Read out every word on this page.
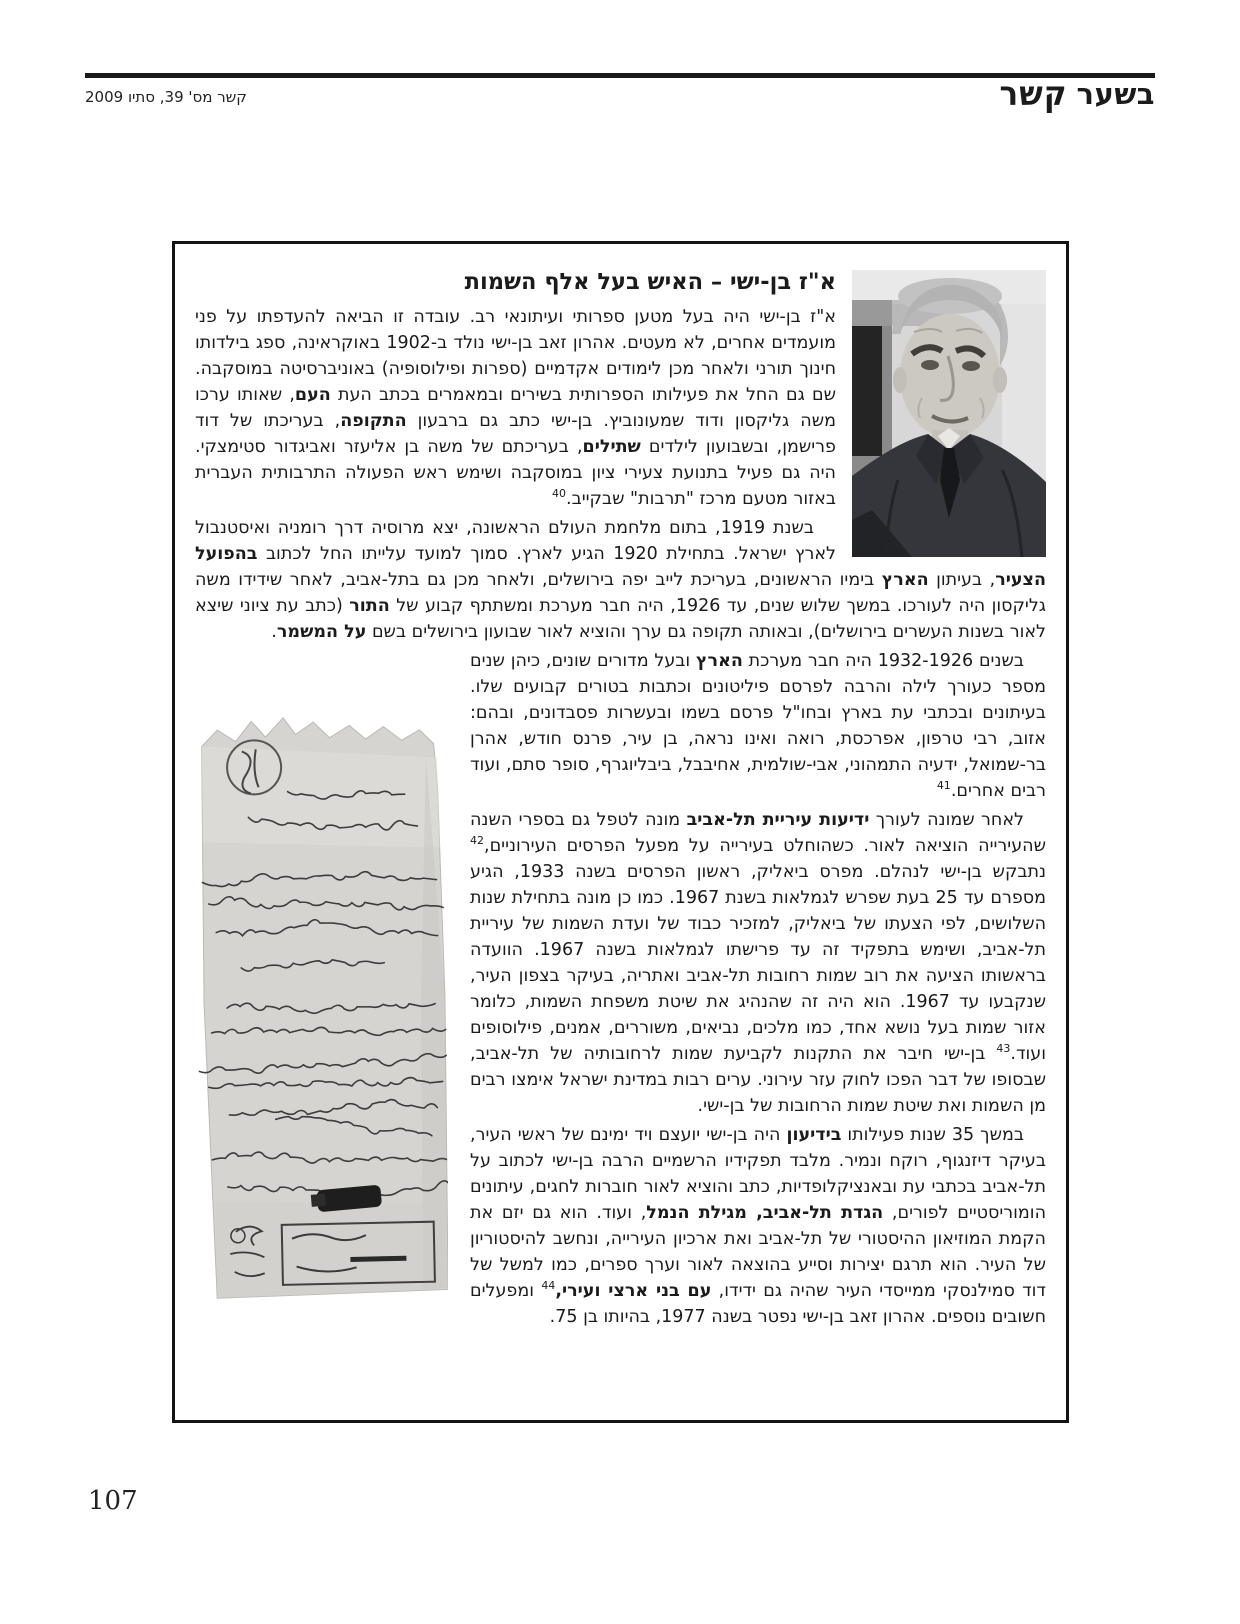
קשר מס' 39, סתיו 2009	בשער
קשר
א"ז בן-ישי – האיש בעל אלף השמות

א"ז בן-ישי היה בעל מטען ספרותי ועיתונאי רב. עובדה זו הביאה להעדפתו על פני מועמדים אחרים, לא מעטים. אהרון זאב בן-ישי נולד ב-1902 באוקראינה, ספג בילדותו חינוך תורני ולאחר מכן לימודים אקדמיים (ספרות ופילוסופיה) באוניברסיטה במוסקבה. שם גם החל את פעילותו הספרותית בשירים ובמאמרים בכתב העת העם, שאותו ערכו משה גליקסון ודוד שמעונוביץ. בן-ישי כתב גם ברבעון התקופה, בעריכתו של דוד פרישמן, ובשבועון לילדים שתילים, בעריכתם של משה בן אליעזר ואביגדור סטימצקי. היה גם פעיל בתנועת צעירי ציון במוסקבה ושימש ראש הפעולה התרבותית העברית באזור מטעם מרכז "תרבות" שבקייב.$^{40}$

בשנת 1919, בתום מלחמת העולם הראשונה, יצא מרוסיה דרך רומניה ואיסטנבול לארץ ישראל. בתחילת 1920 הגיע לארץ. סמוך למועד עלייתו החל לכתוב בהפועל הצעיר, בעיתון הארץ בימיו הראשונים, בעריכת לייב יפה בירושלים, ולאחר מכן גם בתל-אביב, לאחר שידידו משה גליקסון היה לעורכו. במשך שלוש שנים, עד 1926, היה חבר מערכת ומשתתף קבוע של התור (כתב עת ציוני שיצא לאור בשנות העשרים בירושלים), ובאותה תקופה גם ערך והוציא לאור שבועון בירושלים בשם על המשמר.

בשנים 1932-1926 היה חבר מערכת הארץ ובעל מדורים שונים, כיהן שנים מספר כעורך לילה והרבה לפרסם פיליטונים וכתבות בטורים קבועים שלו. בעיתונים ובכתבי עת בארץ ובחו"ל פרסם בשמו ובעשרות פסבדונים, ובהם: אזוב, רבי טרפון, אפרכסת, רואה ואינו נראה, בן עיר, פרנס חודש, אהרן בר-שמואל, ידעיה התמהוני, אבי-שולמית, אחיבבל, ביבליוגרף, סופר סתם, ועוד רבים אחרים.$^{41}$

לאחר שמונה לעורך ידיעות עיריית תל-אביב מונה לטפל גם בספרי השנה שהעירייה הוציאה לאור. כשהוחלט בעירייה על מפעל הפרסים העירוניים,$^{42}$ נתבקש בן-ישי לנהלם. מפרס ביאליק, ראשון הפרסים בשנה 1933, הגיע מספרם עד 25 בעת שפרש לגמלאות בשנת 1967. כמו כן מונה בתחילת שנות השלושים, לפי הצעתו של ביאליק, למזכיר כבוד של ועדת השמות של עיריית תל-אביב, ושימש בתפקיד זה עד פרישתו לגמלאות בשנה 1967. הוועדה בראשותו הציעה את רוב שמות רחובות תל-אביב ואתריה, בעיקר בצפון העיר, שנקבעו עד 1967. הוא היה זה שהנהיג את שיטת משפחת השמות, כלומר אזור שמות בעל נושא אחד, כמו מלכים, נביאים, משוררים, אמנים, פילוסופים ועוד.$^{43}$ בן-ישי חיבר את התקנות לקביעת שמות לרחובותיה של תל-אביב, שבסופו של דבר הפכו לחוק עזר עירוני. ערים רבות במדינת ישראל אימצו רבים מן השמות ואת שיטת שמות הרחובות של בן-ישי.

במשך 35 שנות פעילותו בידיעון היה בן-ישי יועצם ויד ימינם של ראשי העיר, בעיקר דיזנגוף, רוקח ונמיר. מלבד תפקידיו הרשמיים הרבה בן-ישי לכתוב על תל-אביב בכתבי עת ובאנציקלופדיות, כתב והוציא לאור חוברות לחגים, עיתונים הומוריסטיים לפורים, הגדת תל-אביב, מגילת הנמל, ועוד. הוא גם יזם את הקמת המוזיאון ההיסטורי של תל-אביב ואת ארכיון העירייה, ונחשב להיסטוריון של העיר. הוא תרגם יצירות וסייע בהוצאה לאור וערך ספרים, כמו למשל של דוד סמילנסקי ממייסדי העיר שהיה גם ידידו, עם בני ארצי ועירי,$^{44}$ ומפעלים חשובים נוספים. אהרון זאב בן-ישי נפטר בשנה 1977, בהיותו בן 75.

107
